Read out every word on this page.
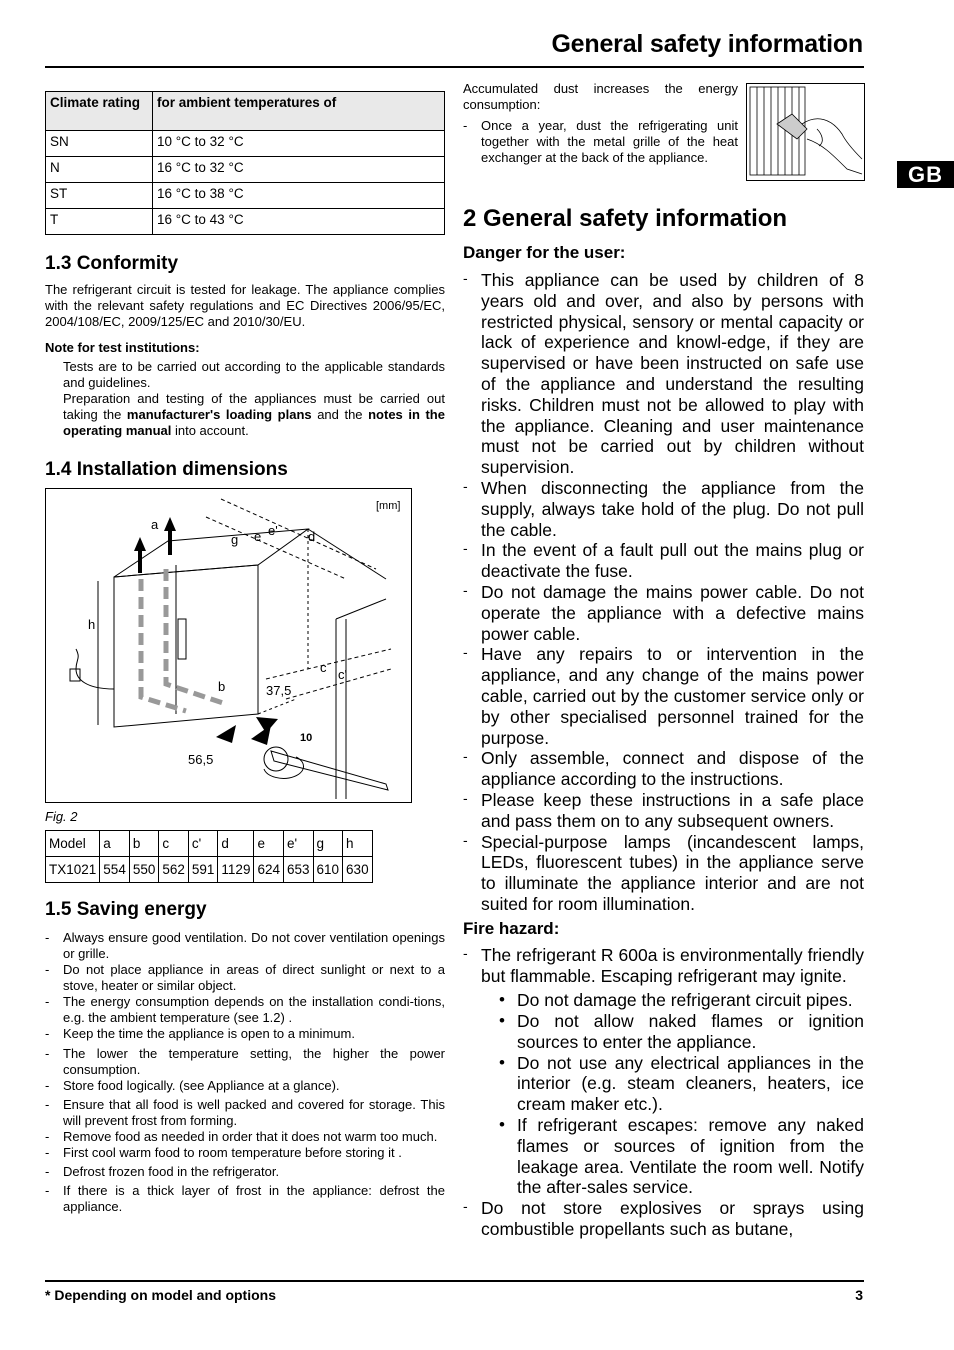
General safety information
GB
Climate rating	for ambient temperatures of
SN	10 °C to 32 °C
N	16 °C to 32 °C
ST	16 °C to 38 °C
T	16 °C to 43 °C
1.3 Conformity

The refrigerant circuit is tested for leakage. The appliance complies with the relevant safety regulations and EC Directives 2006/95/EC, 2004/108/EC, 2009/125/EC and 2010/30/EU.

Note for test institutions:

Tests are to be carried out according to the applicable standards and guidelines.

Preparation and testing of the appliances must be carried out taking the manufacturer's loading plans and the notes in the operating manual into account.

1.4 Installation dimensions
a
g e e' d
h
b
c c'
37,5
56,5
10
[mm]
Fig. 2
Model	a	b	c	c'	d	e	e'	g	h
TX1021	554	550	562	591	1129	624	653	610	630
1.5 Saving energy
- Always ensure good ventilation. Do not cover ventilation openings or grille.
- Do not place appliance in areas of direct sunlight or next to a stove, heater or similar object.
- The energy consumption depends on the installation condi-tions, e.g. the ambient temperature (see 1.2) .
- Keep the time the appliance is open to a minimum.
- The lower the temperature setting, the higher the power consumption.
- Store food logically. (see Appliance at a glance).
- Ensure that all food is well packed and covered for storage. This will prevent frost from forming.
- Remove food as needed in order that it does not warm too much.
- First cool warm food to room temperature before storing it .
- Defrost frozen food in the refrigerator.
- If there is a thick layer of frost in the appliance: defrost the appliance.

Accumulated dust increases the energy consumption:

- Once a year, dust the refrigerating unit together with the metal grille of the heat exchanger at the back of the appliance.
2 General safety information
Danger for the user:
- This appliance can be used by children of 8 years old and over, and also by persons with restricted physical, sensory or mental capacity or lack of experience and knowl-edge, if they are supervised or have been instructed on safe use of the appliance and understand the resulting risks. Children must not be allowed to play with the appliance. Cleaning and user maintenance must not be carried out by children without supervision.
- When disconnecting the appliance from the supply, always take hold of the plug. Do not pull the cable.
- In the event of a fault pull out the mains plug or deactivate the fuse.
- Do not damage the mains power cable. Do not operate the appliance with a defective mains power cable.
- Have any repairs to or intervention in the appliance, and any change of the mains power cable, carried out by the customer service only or by other specialised personnel trained for the purpose.
- Only assemble, connect and dispose of the appliance according to the instructions.
- Please keep these instructions in a safe place and pass them on to any subsequent owners.
- Special-purpose lamps (incandescent lamps, LEDs, fluorescent tubes) in the appliance serve to illuminate the appliance interior and are not suited for room illumination.
Fire hazard:
- The refrigerant R 600a is environmentally friendly but flammable. Escaping refrigerant may ignite.
• Do not damage the refrigerant circuit pipes.
• Do not allow naked flames or ignition sources to enter the appliance.
• Do not use any electrical appliances in the interior (e.g. steam cleaners, heaters, ice cream maker etc.).
• If refrigerant escapes: remove any naked flames or sources of ignition from the leakage area. Ventilate the room well. Notify the after-sales service.
- Do not store explosives or sprays using combustible propellants such as butane,
* Depending on model and options	3
